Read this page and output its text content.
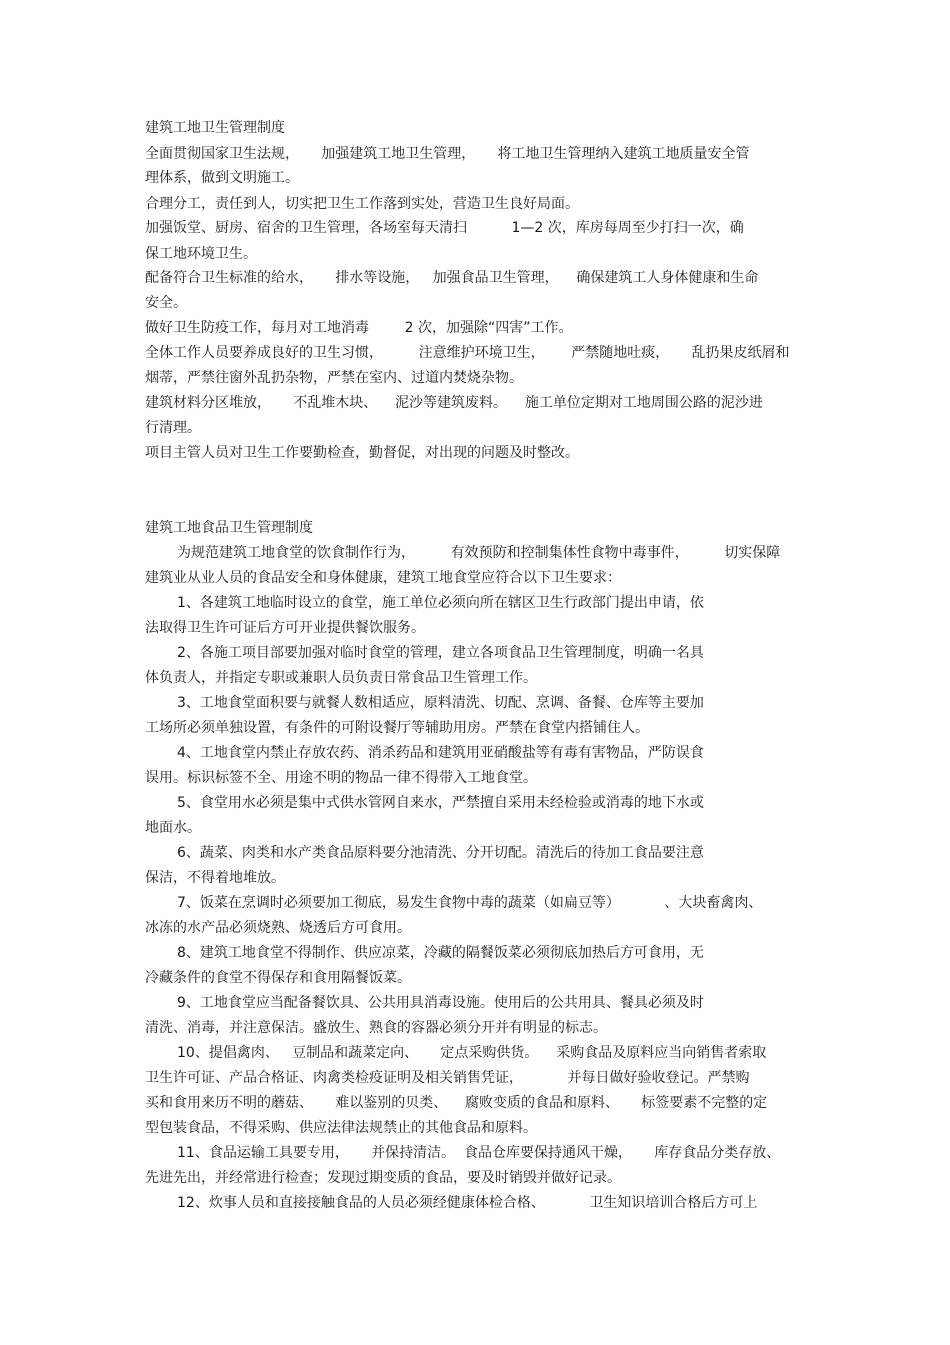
建筑工地卫生管理制度
全面贯彻国家卫生法规，     加强建筑工地卫生管理，     将工地卫生管理纳入建筑工地质量安全管
理体系，做到文明施工。
合理分工，责任到人，切实把卫生工作落到实处，营造卫生良好局面。
加强饭堂、厨房、宿舍的卫生管理，各场室每天清扫          1—2 次，库房每周至少打扫一次，确
保工地环境卫生。
配备符合卫生标准的给水，     排水等设施，   加强食品卫生管理，    确保建筑工人身体健康和生命
安全。
做好卫生防疫工作，每月对工地消毒        2 次，加强除“四害”工作。
全体工作人员要养成良好的卫生习惯，        注意维护环境卫生，      严禁随地吐痰，     乱扔果皮纸屑和
烟蒂，严禁往窗外乱扔杂物，严禁在室内、过道内焚烧杂物。
建筑材料分区堆放，     不乱堆木块、    泥沙等建筑废料。    施工单位定期对工地周围公路的泥沙进
行清理。
项目主管人员对卫生工作要勤检查，勤督促，对出现的问题及时整改。
建筑工地食品卫生管理制度
为规范建筑工地食堂的饮食制作行为，        有效预防和控制集体性食物中毒事件，        切实保障
建筑业从业人员的食品安全和身体健康，建筑工地食堂应符合以下卫生要求：
1、各建筑工地临时设立的食堂，施工单位必须向所在辖区卫生行政部门提出申请，依
法取得卫生许可证后方可开业提供餐饮服务。
2、各施工项目部要加强对临时食堂的管理，建立各项食品卫生管理制度，明确一名具
体负责人，并指定专职或兼职人员负责日常食品卫生管理工作。
3、工地食堂面积要与就餐人数相适应，原料清洗、切配、烹调、备餐、仓库等主要加
工场所必须单独设置，有条件的可附设餐厅等辅助用房。严禁在食堂内搭铺住人。
4、工地食堂内禁止存放农药、消杀药品和建筑用亚硝酸盐等有毒有害物品，严防误食
误用。标识标签不全、用途不明的物品一律不得带入工地食堂。
5、食堂用水必须是集中式供水管网自来水，严禁擅自采用未经检验或消毒的地下水或
地面水。
6、蔬菜、肉类和水产类食品原料要分池清洗、分开切配。清洗后的待加工食品要注意
保洁，不得着地堆放。
7、饭菜在烹调时必须要加工彻底，易发生食物中毒的蔬菜（如扁豆等）          、大块畜禽肉、
冰冻的水产品必须烧熟、烧透后方可食用。
8、建筑工地食堂不得制作、供应凉菜，冷藏的隔餐饭菜必须彻底加热后方可食用，无
冷藏条件的食堂不得保存和食用隔餐饭菜。
9、工地食堂应当配备餐饮具、公共用具消毒设施。使用后的公共用具、餐具必须及时
清洗、消毒，并注意保洁。盛放生、熟食的容器必须分开并有明显的标志。
10、提倡禽肉、   豆制品和蔬菜定向、     定点采购供货。    采购食品及原料应当向销售者索取
卫生许可证、产品合格证、肉禽类检疫证明及相关销售凭证，          并每日做好验收登记。严禁购
买和食用来历不明的蘑菇、     难以鉴别的贝类、    腐败变质的食品和原料、     标签要素不完整的定
型包装食品，不得采购、供应法律法规禁止的其他食品和原料。
11、食品运输工具要专用，     并保持清洁。  食品仓库要保持通风干燥，     库存食品分类存放、
先进先出，并经常进行检查；发现过期变质的食品，要及时销毁并做好记录。
12、炊事人员和直接接触食品的人员必须经健康体检合格、          卫生知识培训合格后方可上
